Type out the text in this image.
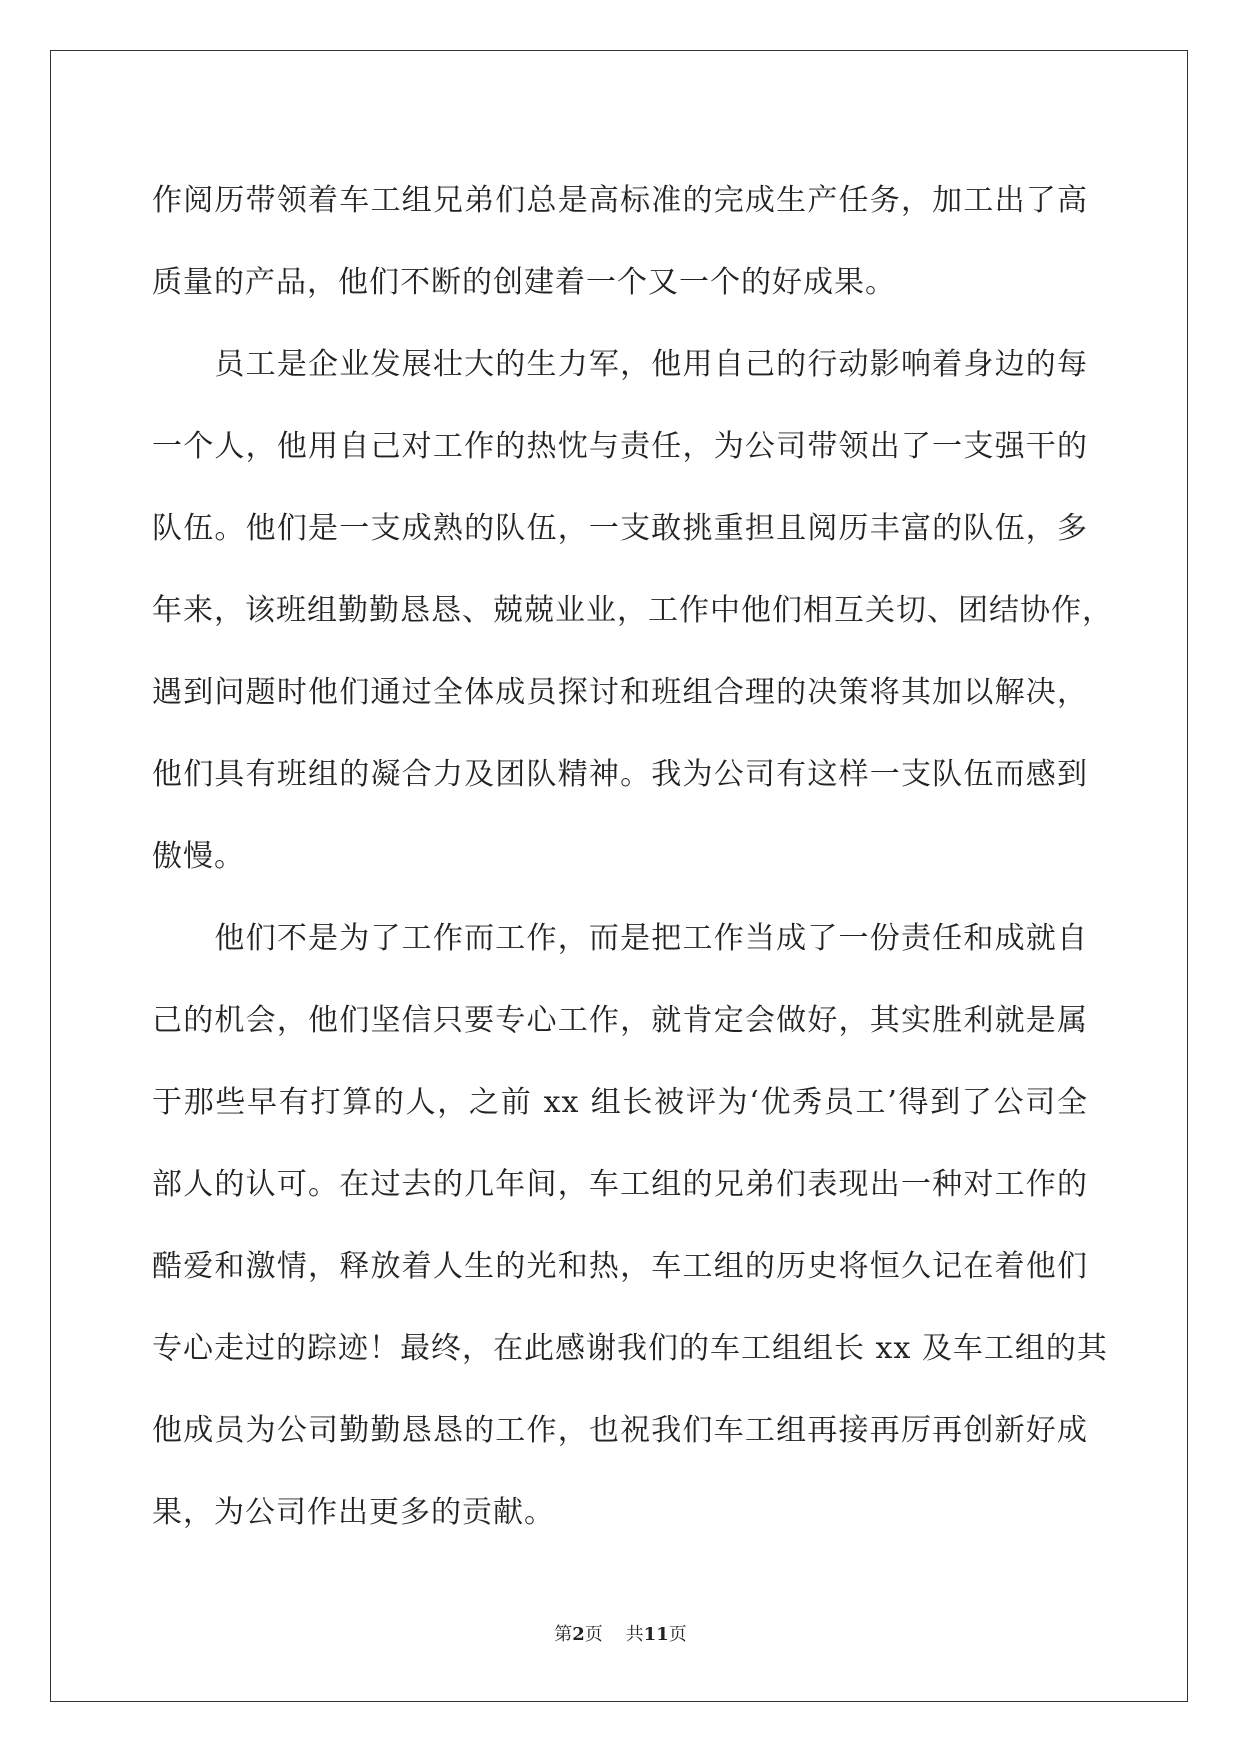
作阅历带领着车工组兄弟们总是高标准的完成生产任务，加工出了高
质量的产品，他们不断的创建着一个又一个的好成果。
　　员工是企业发展壮大的生力军，他用自己的行动影响着身边的每
一个人，他用自己对工作的热忱与责任，为公司带领出了一支强干的
队伍。他们是一支成熟的队伍，一支敢挑重担且阅历丰富的队伍，多
年来，该班组勤勤恳恳、兢兢业业，工作中他们相互关切、团结协作，
遇到问题时他们通过全体成员探讨和班组合理的决策将其加以解决，
他们具有班组的凝合力及团队精神。我为公司有这样一支队伍而感到
傲慢。
　　他们不是为了工作而工作，而是把工作当成了一份责任和成就自
己的机会，他们坚信只要专心工作，就肯定会做好，其实胜利就是属
于那些早有打算的人，之前 xx 组长被评为‘优秀员工’得到了公司全
部人的认可。在过去的几年间，车工组的兄弟们表现出一种对工作的
酷爱和激情，释放着人生的光和热，车工组的历史将恒久记在着他们
专心走过的踪迹！最终，在此感谢我们的车工组组长 xx 及车工组的其
他成员为公司勤勤恳恳的工作，也祝我们车工组再接再厉再创新好成
果，为公司作出更多的贡献。
第2页 共11页
